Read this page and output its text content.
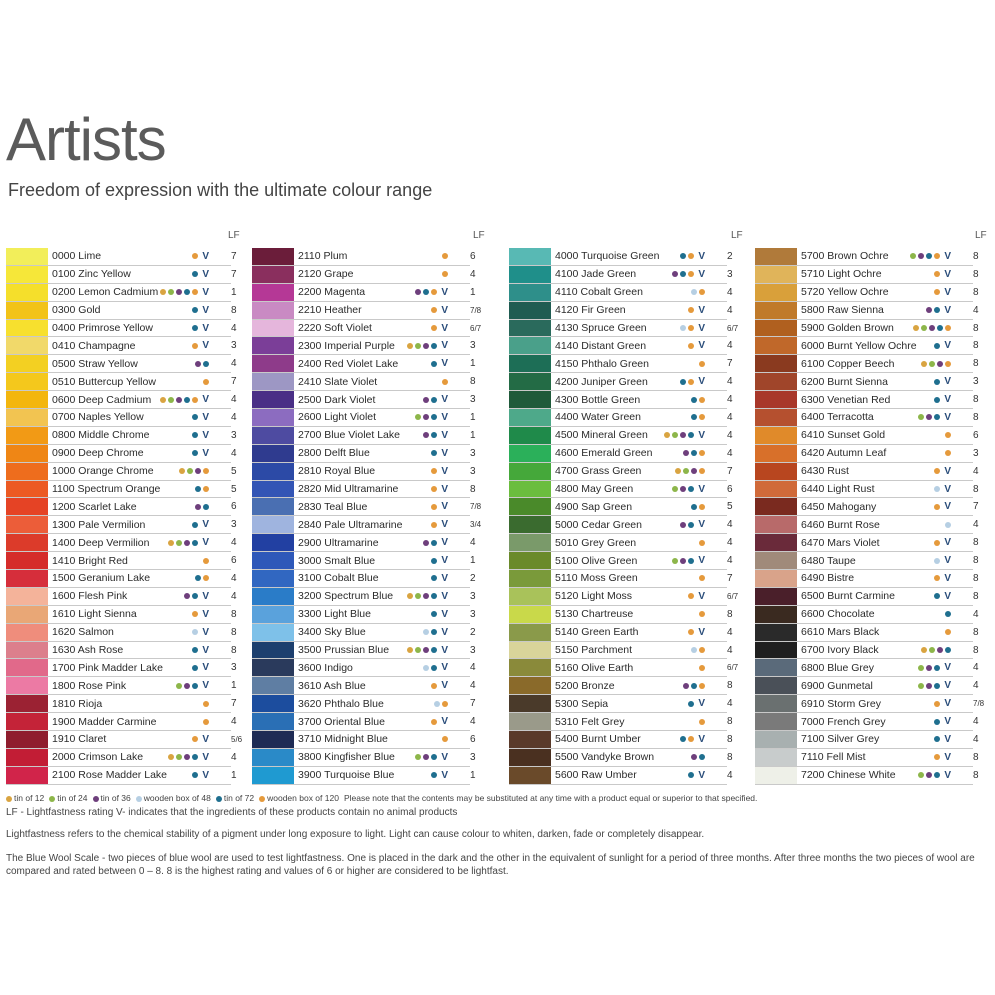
Artists
Freedom of expression with the ultimate colour range
LF	LF	LF	LF
0000 Lime	V 7
0100 Zinc Yellow	V 7
0200 Lemon Cadmium	V 1
0300 Gold	V 8
0400 Primrose Yellow	V 4
0410 Champagne	V 3
0500 Straw Yellow	4
0510 Buttercup Yellow	7
0600 Deep Cadmium	V 4
0700 Naples Yellow	V 4
0800 Middle Chrome	V 3
0900 Deep Chrome	V 4
1000 Orange Chrome	5
1100 Spectrum Orange	5
1200 Scarlet Lake	6
1300 Pale Vermilion	V 3
1400 Deep Vermilion	V 4
1410 Bright Red	6
1500 Geranium Lake	4
1600 Flesh Pink	V 4
1610 Light Sienna	V 8
1620 Salmon	V 8
1630 Ash Rose	V 8
1700 Pink Madder Lake	V 3
1800 Rose Pink	V 1
1810 Rioja	7
1900 Madder Carmine	4
1910 Claret	V	5/6
2000 Crimson Lake	V 4
2100 Rose Madder Lake	V 1
2110 Plum	6
2120 Grape	4
2200 Magenta	V 1
2210 Heather	V	7/8
2220 Soft Violet	V	6/7
2300 Imperial Purple	V 3
2400 Red Violet Lake	V 1
2410 Slate Violet	8
2500 Dark Violet	V 3
2600 Light Violet	V 1
2700 Blue Violet Lake	V 1
2800 Delft Blue	V 3
2810 Royal Blue	V 3
2820 Mid Ultramarine	V 8
2830 Teal Blue	V	7/8
2840 Pale Ultramarine	V	3/4
2900 Ultramarine	V 4
3000 Smalt Blue	V 1
3100 Cobalt Blue	V 2
3200 Spectrum Blue	V 3
3300 Light Blue	V 3
3400 Sky Blue	V 2
3500 Prussian Blue	V 3
3600 Indigo	V 4
3610 Ash Blue	V 4
3620 Phthalo Blue	7
3700 Oriental Blue	V 4
3710 Midnight Blue	6
3800 Kingfisher Blue	V 3
3900 Turquoise Blue	V 1
4000 Turquoise Green	V 2
4100 Jade Green	V 3
4110 Cobalt Green	4
4120 Fir Green	V 4
4130 Spruce Green	V	6/7
4140 Distant Green	V 4
4150 Phthalo Green	7
4200 Juniper Green	V 4
4300 Bottle Green	4
4400 Water Green	4
4500 Mineral Green	V 4
4600 Emerald Green	4
4700 Grass Green	7
4800 May Green	V 6
4900 Sap Green	5
5000 Cedar Green	V 4
5010 Grey Green	4
5100 Olive Green	V 4
5110 Moss Green	7
5120 Light Moss	V	6/7
5130 Chartreuse	8
5140 Green Earth	V 4
5150 Parchment	4
5160 Olive Earth	6/7
5200 Bronze	8
5300 Sepia	V 4
5310 Felt Grey	8
5400 Burnt Umber	V 8
5500 Vandyke Brown	8
5600 Raw Umber	V 4
5700 Brown Ochre	V 8
5710 Light Ochre	V 8
5720 Yellow Ochre	V 8
5800 Raw Sienna	V 4
5900 Golden Brown	8
6000 Burnt Yellow Ochre	V 8
6100 Copper Beech	8
6200 Burnt Sienna	V 3
6300 Venetian Red	V 8
6400 Terracotta	V 8
6410 Sunset Gold	6
6420 Autumn Leaf	3
6430 Rust	V 4
6440 Light Rust	V 8
6450 Mahogany	V 7
6460 Burnt Rose	4
6470 Mars Violet	V 8
6480 Taupe	V 8
6490 Bistre	V 8
6500 Burnt Carmine	V 8
6600 Chocolate	4
6610 Mars Black	8
6700 Ivory Black	8
6800 Blue Grey	V 4
6900 Gunmetal	V 4
6910 Storm Grey	V	7/8
7000 French Grey	V 4
7100 Silver Grey	V 4
7110 Fell Mist	V 8
7200 Chinese White	V 8
tin of 12 tin of 24 tin of 36 wooden box of 48 tin of 72 wooden box of 120 Please note that the contents may be substituted at any time with a product equal or superior to that specified.
LF - Lightfastness rating V- indicates that the ingredients of these products contain no animal products
Lightfastness refers to the chemical stability of a pigment under long exposure to light. Light can cause colour to whiten, darken, fade or completely disappear.
The Blue Wool Scale - two pieces of blue wool are used to test lightfastness. One is placed in the dark and the other in the equivalent of sunlight for a period of three months. After three months the two pieces of wool are compared and rated between 0 – 8. 8 is the highest rating and values of 6 or higher are considered to be lightfast.
